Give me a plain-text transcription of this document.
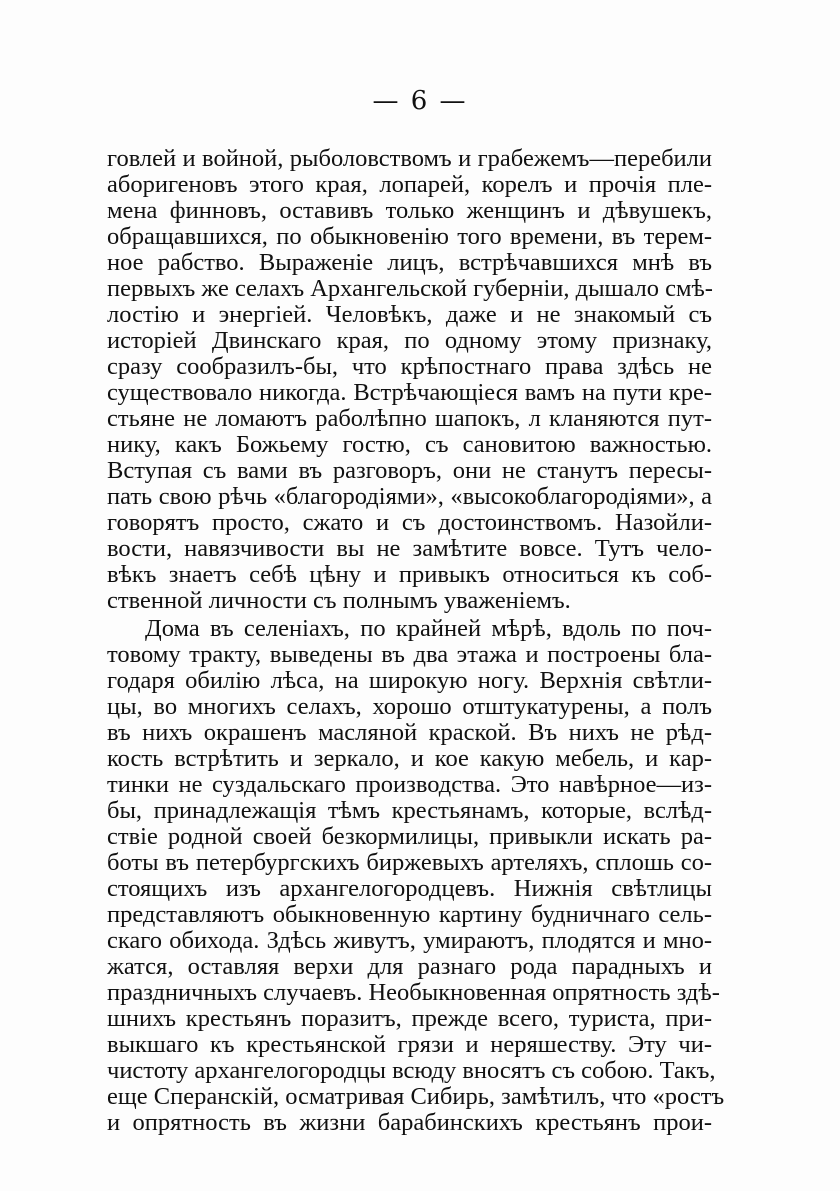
— 6 —
говлей и войной, рыболовствомъ и грабежемъ—перебили
аборигеновъ этого края, лопарей, корелъ и прочія пле-
мена финновъ, оставивъ только женщинъ и дѣвушекъ,
обращавшихся, по обыкновенію того времени, въ терем-
ное рабство. Выраженіе лицъ, встрѣчавшихся мнѣ въ
первыхъ же селахъ Архангельской губерніи, дышало смѣ-
лостію и энергіей. Человѣкъ, даже и не знакомый съ
исторіей Двинскаго края, по одному этому признаку,
сразу сообразилъ-бы, что крѣпостнаго права здѣсь не
существовало никогда. Встрѣчающіеся вамъ на пути кре-
стьяне не ломаютъ раболѣпно шапокъ, л кланяются пут-
нику, какъ Божьему гостю, съ сановитою важностью.
Вступая съ вами въ разговоръ, они не станутъ пересы-
пать свою рѣчь «благородіями», «высокоблагородіями», а
говорятъ просто, сжато и съ достоинствомъ. Назойли-
вости, навязчивости вы не замѣтите вовсе. Тутъ чело-
вѣкъ знаетъ себѣ цѣну и привыкъ относиться къ соб-
ственной личности съ полнымъ уваженіемъ.
Дома въ селеніахъ, по крайней мѣрѣ, вдоль по поч-
товому тракту, выведены въ два этажа и построены бла-
годаря обилію лѣса, на широкую ногу. Верхнія свѣтли-
цы, во многихъ селахъ, хорошо отштукатурены, а полъ
въ нихъ окрашенъ масляной краской. Въ нихъ не рѣд-
кость встрѣтить и зеркало, и кое какую мебель, и кар-
тинки не суздальскаго производства. Это навѣрное—из-
бы, принадлежащія тѣмъ крестьянамъ, которые, вслѣд-
ствіе родной своей безкормилицы, привыкли искать ра-
боты въ петербургскихъ биржевыхъ артеляхъ, сплошь со-
стоящихъ изъ архангелогородцевъ. Нижнія свѣтлицы
представляютъ обыкновенную картину будничнаго сель-
скаго обихода. Здѣсь живутъ, умираютъ, плодятся и мно-
жатся, оставляя верхи для разнаго рода парадныхъ и
праздничныхъ случаевъ. Необыкновенная опрятность здѣ-
шнихъ крестьянъ поразитъ, прежде всего, туриста, при-
выкшаго къ крестьянской грязи и неряшеству. Эту чи-
чистоту архангелогородцы всюду вносятъ съ собою. Такъ,
еще Сперанскій, осматривая Сибирь, замѣтилъ, что «ростъ
и опрятность въ жизни барабинскихъ крестьянъ прои-
